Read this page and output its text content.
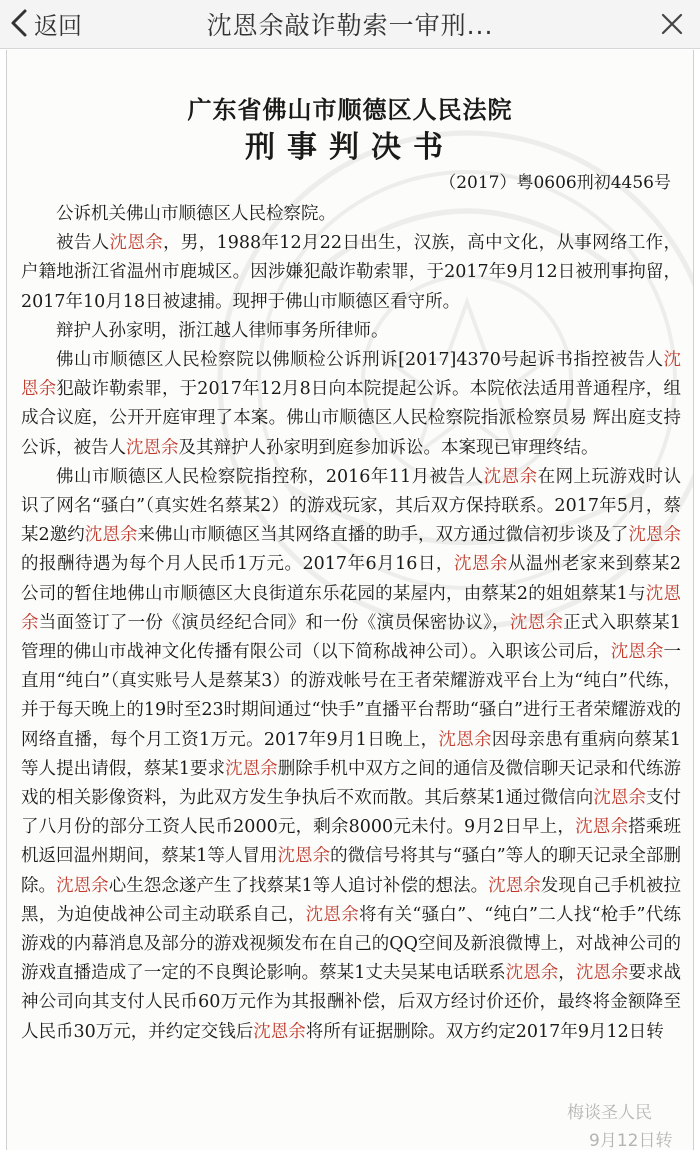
返回	沈恩余敲诈勒索一审刑...
广东省佛山市顺德区人民法院
刑事判决书
（2017）粤0606刑初4456号

公诉机关佛山市顺德区人民检察院。

被告人沈恩余，男，1988年12月22日出生，汉族，高中文化，从事网络工作，户籍地浙江省温州市鹿城区。因涉嫌犯敲诈勒索罪，于2017年9月12日被刑事拘留，2017年10月18日被逮捕。现押于佛山市顺德区看守所。

辩护人孙家明，浙江越人律师事务所律师。

佛山市顺德区人民检察院以佛顺检公诉刑诉[2017]4370号起诉书指控被告人沈恩余犯敲诈勒索罪，于2017年12月8日向本院提起公诉。本院依法适用普通程序，组成合议庭，公开开庭审理了本案。佛山市顺德区人民检察院指派检察员易 辉出庭支持公诉，被告人沈恩余及其辩护人孙家明到庭参加诉讼。本案现已审理终结。

佛山市顺德区人民检察院指控称，2016年11月被告人沈恩余在网上玩游戏时认识了网名“骚白”（真实姓名蔡某2）的游戏玩家，其后双方保持联系。2017年5月，蔡某2邀约沈恩余来佛山市顺德区当其网络直播的助手，双方通过微信初步谈及了沈恩余的报酬待遇为每个月人民币1万元。2017年6月16日，沈恩余从温州老家来到蔡某2公司的暂住地佛山市顺德区大良街道东乐花园的某屋内，由蔡某2的姐姐蔡某1与沈恩余当面签订了一份《演员经纪合同》和一份《演员保密协议》，沈恩余正式入职蔡某1管理的佛山市战神文化传播有限公司（以下简称战神公司）。入职该公司后，沈恩余一直用“纯白”（真实账号人是蔡某3）的游戏帐号在王者荣耀游戏平台上为“纯白”代练，并于每天晚上的19时至23时期间通过“快手”直播平台帮助“骚白”进行王者荣耀游戏的网络直播，每个月工资1万元。2017年9月1日晚上，沈恩余因母亲患有重病向蔡某1等人提出请假，蔡某1要求沈恩余删除手机中双方之间的通信及微信聊天记录和代练游戏的相关影像资料，为此双方发生争执后不欢而散。其后蔡某1通过微信向沈恩余支付了八月份的部分工资人民币2000元，剩余8000元未付。9月2日早上，沈恩余搭乘班机返回温州期间，蔡某1等人冒用沈恩余的微信号将其与“骚白”等人的聊天记录全部删除。沈恩余心生怨念遂产生了找蔡某1等人追讨补偿的想法。沈恩余发现自己手机被拉黑，为迫使战神公司主动联系自己，沈恩余将有关“骚白”、“纯白”二人找“枪手”代练游戏的内幕消息及部分的游戏视频发布在自己的QQ空间及新浪微博上，对战神公司的游戏直播造成了一定的不良舆论影响。蔡某1丈夫吴某电话联系沈恩余，沈恩余要求战神公司向其支付人民币60万元作为其报酬补偿，后双方经讨价还价，最终将金额降至人民币30万元，并约定交钱后沈恩余将所有证据删除。双方约定2017年9月12日转

梅谈圣人民
9月12日转
